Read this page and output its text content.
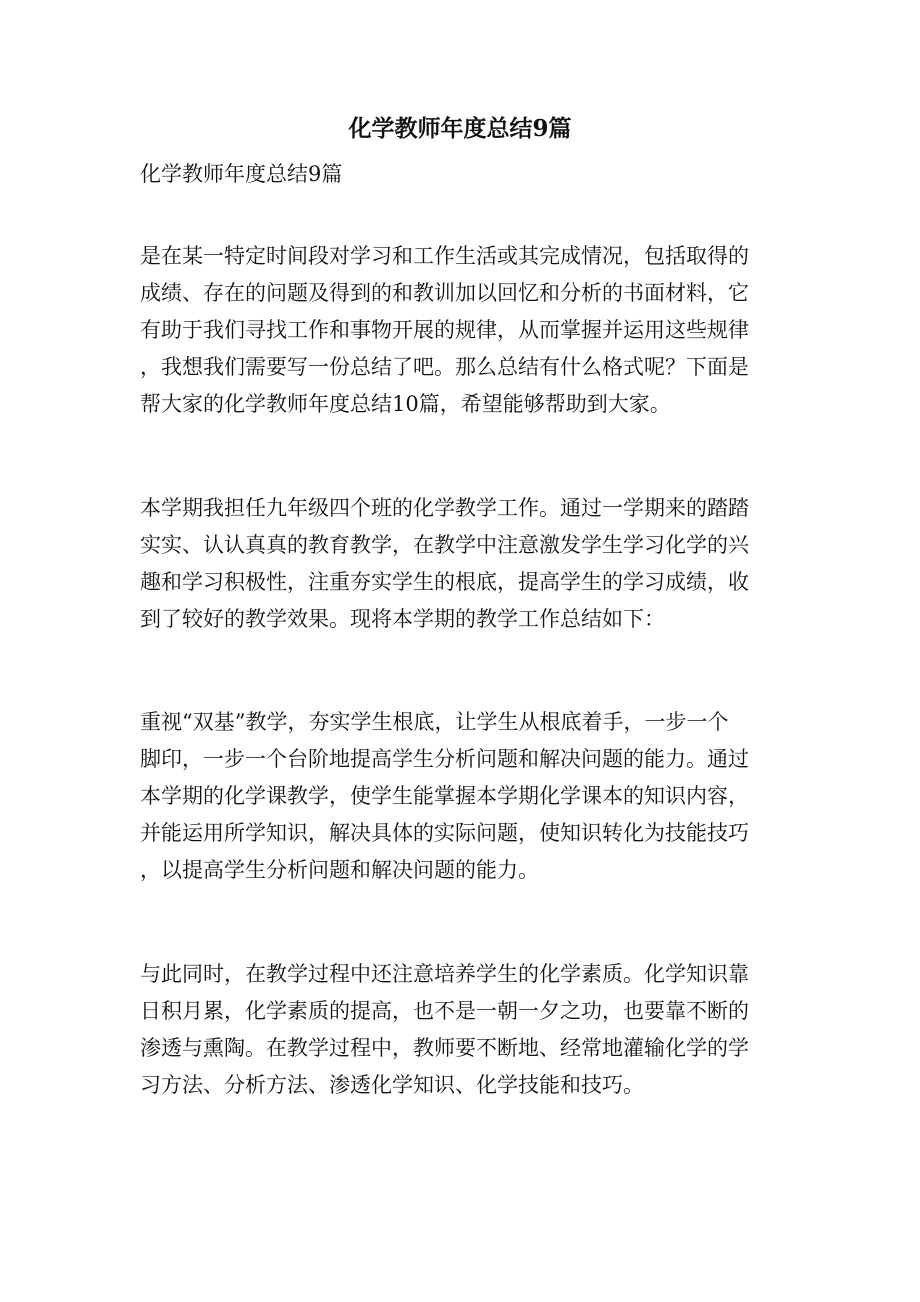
化学教师年度总结9篇

化学教师年度总结9篇

是在某一特定时间段对学习和工作生活或其完成情况，包括取得的
成绩、存在的问题及得到的和教训加以回忆和分析的书面材料，它
有助于我们寻找工作和事物开展的规律，从而掌握并运用这些规律
，我想我们需要写一份总结了吧。那么总结有什么格式呢？下面是
帮大家的化学教师年度总结10篇，希望能够帮助到大家。
本学期我担任九年级四个班的化学教学工作。通过一学期来的踏踏
实实、认认真真的教育教学，在教学中注意激发学生学习化学的兴
趣和学习积极性，注重夯实学生的根底，提高学生的学习成绩，收
到了较好的教学效果。现将本学期的教学工作总结如下：
重视“双基”教学，夯实学生根底，让学生从根底着手，一步一个
脚印，一步一个台阶地提高学生分析问题和解决问题的能力。通过
本学期的化学课教学，使学生能掌握本学期化学课本的知识内容，
并能运用所学知识，解决具体的实际问题，使知识转化为技能技巧
，以提高学生分析问题和解决问题的能力。
与此同时，在教学过程中还注意培养学生的化学素质。化学知识靠
日积月累，化学素质的提高，也不是一朝一夕之功，也要靠不断的
渗透与熏陶。在教学过程中，教师要不断地、经常地灌输化学的学
习方法、分析方法、渗透化学知识、化学技能和技巧。
